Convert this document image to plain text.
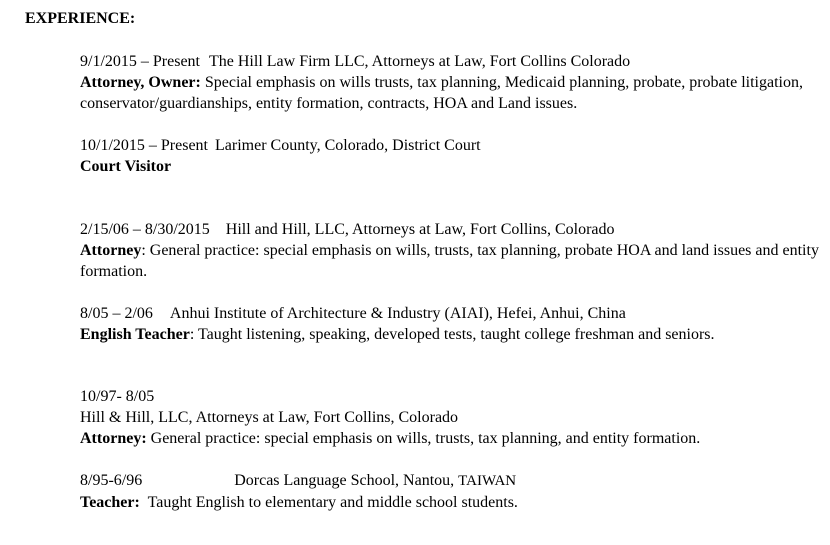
EXPERIENCE:
9/1/2015 – Present The Hill Law Firm LLC, Attorneys at Law, Fort Collins Colorado
Attorney, Owner: Special emphasis on wills trusts, tax planning, Medicaid planning, probate, probate litigation, conservator/guardianships, entity formation, contracts, HOA and Land issues.
10/1/2015 – Present Larimer County, Colorado, District Court
Court Visitor
2/15/06 – 8/30/2015 Hill and Hill, LLC, Attorneys at Law, Fort Collins, Colorado
Attorney: General practice: special emphasis on wills, trusts, tax planning, probate HOA and land issues and entity formation.
8/05 – 2/06 Anhui Institute of Architecture & Industry (AIAI), Hefei, Anhui, China
English Teacher: Taught listening, speaking, developed tests, taught college freshman and seniors.
10/97- 8/05
Hill & Hill, LLC, Attorneys at Law, Fort Collins, Colorado
Attorney: General practice: special emphasis on wills, trusts, tax planning, and entity formation.
8/95-6/96	Dorcas Language School, Nantou, TAIWAN
Teacher: Taught English to elementary and middle school students.
